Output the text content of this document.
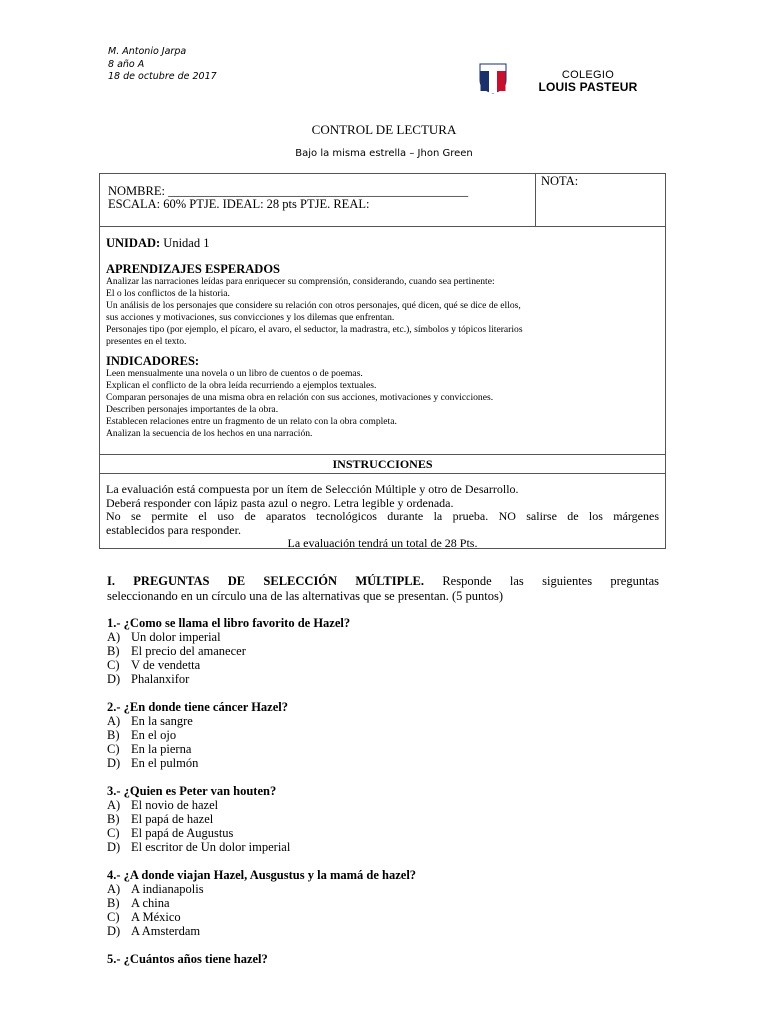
M. Antonio Jarpa
8 año A
18 de octubre de 2017	COLEGIO
LOUIS PASTEUR
CONTROL DE LECTURA
Bajo la misma estrella – Jhon Green
NOMBRE: ________________________________________________
ESCALA: 60% PTJE. IDEAL: 28 pts PTJE. REAL:
NOTA:
UNIDAD: Unidad 1
APRENDIZAJES ESPERADOS
Analizar las narraciones leídas para enriquecer su comprensión, considerando, cuando sea pertinente:
El o los conflictos de la historia.
Un análisis de los personajes que considere su relación con otros personajes, qué dicen, qué se dice de ellos,
sus acciones y motivaciones, sus convicciones y los dilemas que enfrentan.
Personajes tipo (por ejemplo, el pícaro, el avaro, el seductor, la madrastra, etc.), símbolos y tópicos literarios
presentes en el texto.
INDICADORES:
Leen mensualmente una novela o un libro de cuentos o de poemas.
Explican el conflicto de la obra leída recurriendo a ejemplos textuales.
Comparan personajes de una misma obra en relación con sus acciones, motivaciones y convicciones.
Describen personajes importantes de la obra.
Establecen relaciones entre un fragmento de un relato con la obra completa.
Analizan la secuencia de los hechos en una narración.
INSTRUCCIONES
La evaluación está compuesta por un ítem de Selección Múltiple y otro de Desarrollo.
Deberá responder con lápiz pasta azul o negro. Letra legible y ordenada.
No se permite el uso de aparatos tecnológicos durante la prueba. NO salirse de los márgenes
establecidos para responder.
La evaluación tendrá un total de 28 Pts.
I. PREGUNTAS DE SELECCIÓN MÚLTIPLE. Responde las siguientes preguntas
seleccionando en un círculo una de las alternativas que se presentan. (5 puntos)
1.- ¿Como se llama el libro favorito de Hazel?
A) Un dolor imperial
B) El precio del amanecer
C) V de vendetta
D) Phalanxifor
2.- ¿En donde tiene cáncer Hazel?
A) En la sangre
B) En el ojo
C) En la pierna
D) En el pulmón
3.- ¿Quien es Peter van houten?
A) El novio de hazel
B) El papá de hazel
C) El papá de Augustus
D) El escritor de Un dolor imperial
4.- ¿A donde viajan Hazel, Ausgustus y la mamá de hazel?
A) A indianapolis
B) A china
C) A México
D) A Amsterdam
5.- ¿Cuántos años tiene hazel?
